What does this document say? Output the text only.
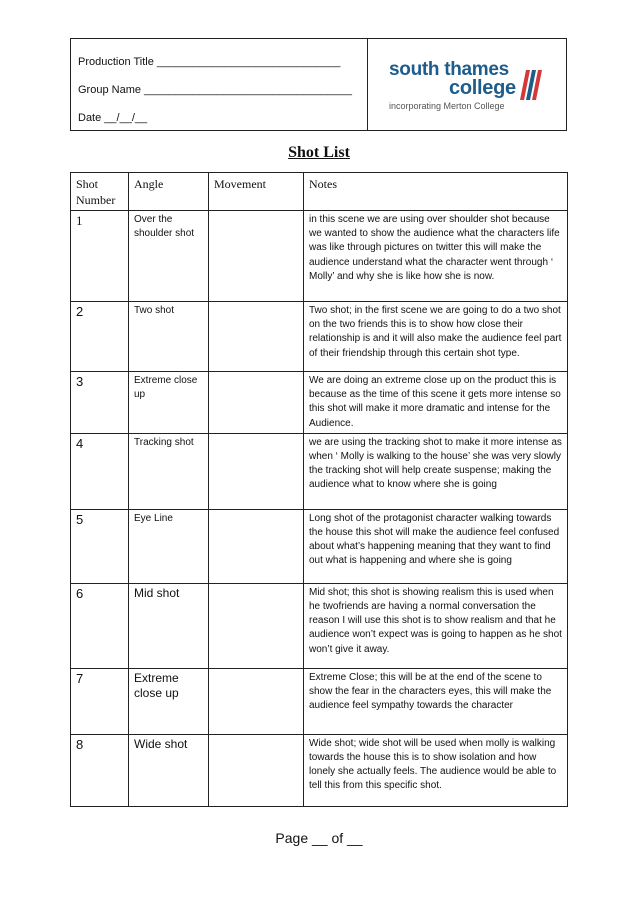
Production Title ______________________________
Group Name __________________________________
Date __/__/__
south thames
college
incorporating Merton College
Shot List
Shot Number	Angle	Movement	Notes
1	Over the shoulder shot		in this scene we are using over shoulder shot because we wanted to show the audience what the characters life was like through pictures on twitter this will make the audience understand what the character went through ‘ Molly’ and why she is like how she is now.
2	Two shot		Two shot; in the first scene we are going to do a two shot on the two friends this is to show how close their relationship is and it will also make the audience feel part of their friendship through this certain shot type.
3	Extreme close up		We are doing an extreme close up on the product this is because as the time of this scene it gets more intense so this shot will make it more dramatic and intense for the Audience.
4	Tracking shot		we are using the tracking shot to make it more intense as when ‘ Molly is walking to the house’ she was very slowly the tracking shot will help create suspense; making the audience what to know where she is going
5	Eye Line		Long shot of the protagonist character walking towards the house this shot will make the audience feel confused about what’s happening meaning that they want to find out what is happening and where she is going
6	Mid shot		Mid shot; this shot is showing realism this is used when he twofriends are having a normal conversation the reason I will use this shot is to show realism and that he audience won’t expect was is going to happen as he shot won’t give it away.
7	Extreme close up		Extreme Close; this will be at the end of the scene to show the fear in the characters eyes, this will make the audience feel sympathy towards the character
8	Wide shot		Wide shot; wide shot will be used when molly is walking towards the house this is to show isolation and how lonely she actually feels. The audience would be able to tell this from this specific shot.
Page __ of __
